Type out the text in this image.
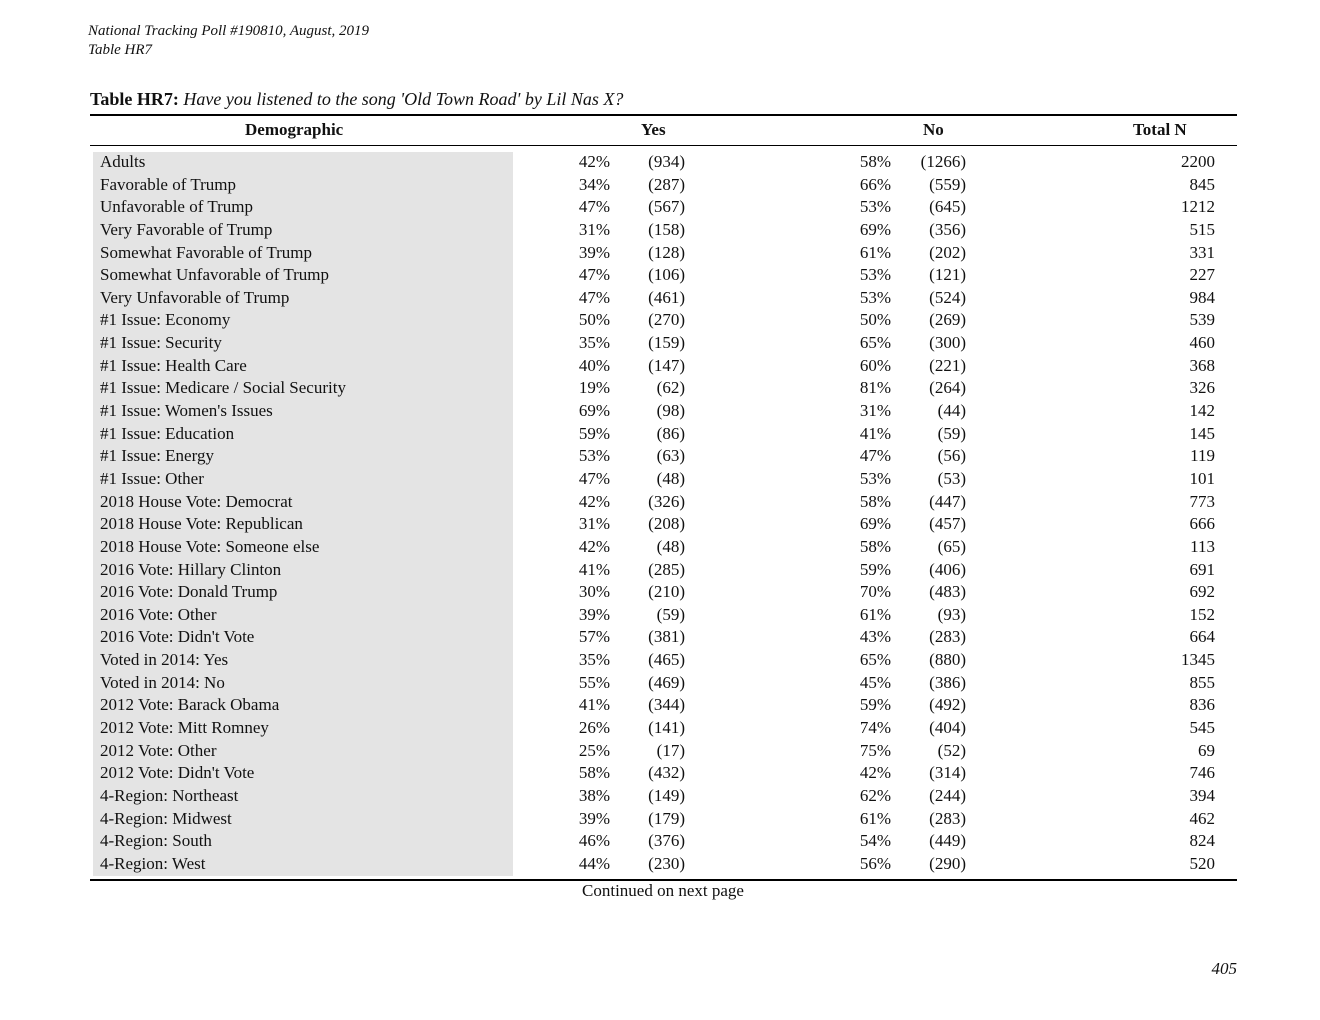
National Tracking Poll #190810, August, 2019
Table HR7
Table HR7: Have you listened to the song 'Old Town Road' by Lil Nas X?
Demographic	Yes	No	Total N
Adults	42% (934)	58% (1266)	2200
Favorable of Trump	34% (287)	66% (559)	845
Unfavorable of Trump	47% (567)	53% (645)	1212
Very Favorable of Trump	31% (158)	69% (356)	515
Somewhat Favorable of Trump	39% (128)	61% (202)	331
Somewhat Unfavorable of Trump	47% (106)	53% (121)	227
Very Unfavorable of Trump	47% (461)	53% (524)	984
#1 Issue: Economy	50% (270)	50% (269)	539
#1 Issue: Security	35% (159)	65% (300)	460
#1 Issue: Health Care	40% (147)	60% (221)	368
#1 Issue: Medicare / Social Security	19%	(62)	81% (264)	326
#1 Issue: Women's Issues	69%	(98)	31%	(44)	142
#1 Issue: Education	59%	(86)	41%	(59)	145
#1 Issue: Energy	53%	(63)	47%	(56)	119
#1 Issue: Other	47%	(48)	53%	(53)	101
2018 House Vote: Democrat	42% (326)	58% (447)	773
2018 House Vote: Republican	31% (208)	69% (457)	666
2018 House Vote: Someone else	42%	(48)	58%	(65)	113
2016 Vote: Hillary Clinton	41% (285)	59% (406)	691
2016 Vote: Donald Trump	30% (210)	70% (483)	692
2016 Vote: Other	39%	(59)	61%	(93)	152
2016 Vote: Didn't Vote	57% (381)	43% (283)	664
Voted in 2014: Yes	35% (465)	65% (880)	1345
Voted in 2014: No	55% (469)	45% (386)	855
2012 Vote: Barack Obama	41% (344)	59% (492)	836
2012 Vote: Mitt Romney	26% (141)	74% (404)	545
2012 Vote: Other	25%	(17)	75%	(52)	69
2012 Vote: Didn't Vote	58% (432)	42% (314)	746
4-Region: Northeast	38% (149)	62% (244)	394
4-Region: Midwest	39% (179)	61% (283)	462
4-Region: South	46% (376)	54% (449)	824
4-Region: West	44% (230)	56% (290)	520
Continued on next page
405
